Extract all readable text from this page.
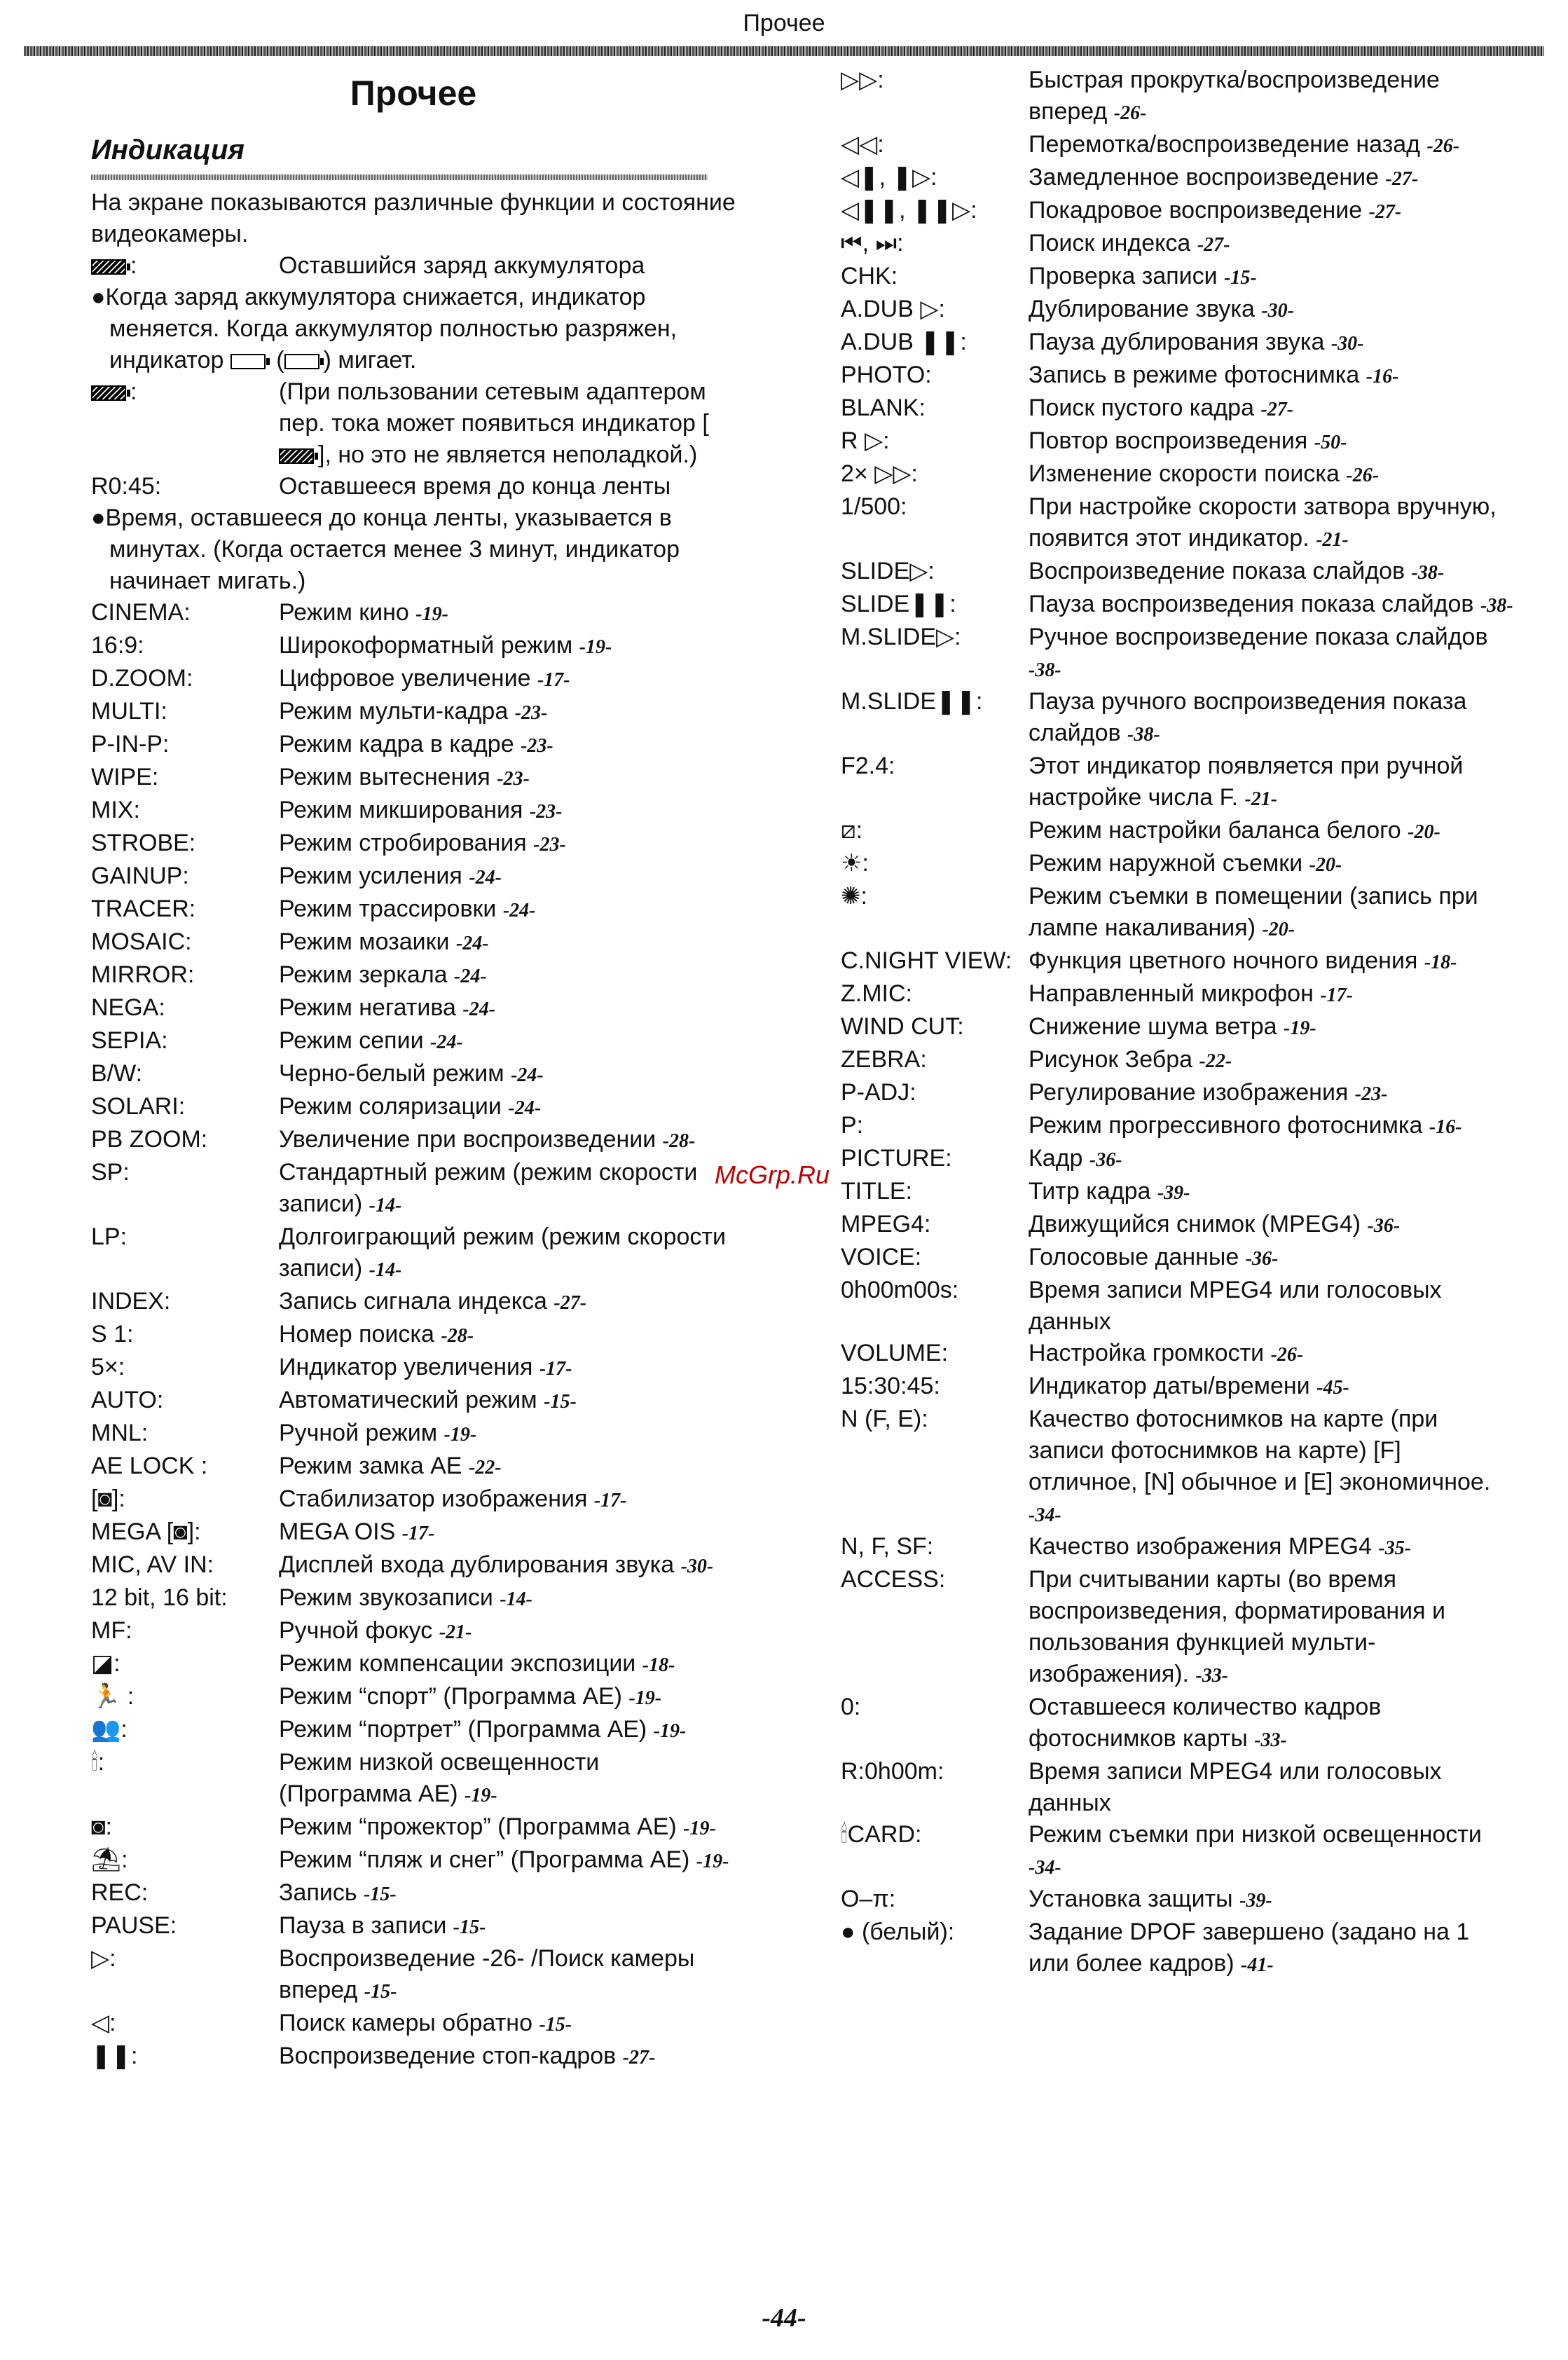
Прочее
Прочее
Индикация
На экране показываются различные функции и состояние видеокамеры.
:	Оставшийся заряд аккумулятора
●Когда заряд аккумулятора снижается, индикатор меняется. Когда аккумулятор полностью разряжен, индикатор  ( ) мигает.
:	(При пользовании сетевым адаптером пер. тока может появиться индикатор [], но это не является неполадкой.)
R0:45:	Оставшееся время до конца ленты
●Время, оставшееся до конца ленты, указывается в минутах. (Когда остается менее 3 минут, индикатор начинает мигать.)
CINEMA:	Режим кино -19-
16:9:	Широкоформатный режим -19-
D.ZOOM:	Цифровое увеличение -17-
MULTI:	Режим мульти-кадра -23-
P-IN-P:	Режим кадра в кадре -23-
WIPE:	Режим вытеснения -23-
MIX:	Режим микширования -23-
STROBE:	Режим стробирования -23-
GAINUP:	Режим усиления -24-
TRACER:	Режим трассировки -24-
MOSAIC:	Режим мозаики -24-
MIRROR:	Режим зеркала -24-
NEGA:	Режим негатива -24-
SEPIA:	Режим сепии -24-
B/W:	Черно-белый режим -24-
SOLARI:	Режим соляризации -24-
PB ZOOM:	Увеличение при воспроизведении -28-
SP:	Стандартный режим (режим скорости записи) -14-
LP:	Долгоиграющий режим (режим скорости записи) -14-
INDEX:	Запись сигнала индекса -27-
S 1:	Номер поиска -28-
5×:	Индикатор увеличения -17-
AUTO:	Автоматический режим -15-
MNL:	Ручной режим -19-
AE LOCK :	Режим замка AE -22-
[◙]:	Стабилизатор изображения -17-
MEGA [◙]:	MEGA OIS -17-
MIC, AV IN:	Дисплей входа дублирования звука -30-
12 bit, 16 bit:	Режим звукозаписи -14-
MF:	Ручной фокус -21-
◪:	Режим компенсации экспозиции -18-
🏃 :	Режим “спорт” (Программа AE) -19-
👥:	Режим “портрет” (Программа AE) -19-
🕯:	Режим низкой освещенности (Программа AE) -19-
◙:	Режим “прожектор” (Программа AE) -19-
⛱:	Режим “пляж и снег” (Программа AE) -19-
REC:	Запись -15-
PAUSE:	Пауза в записи -15-
▷:	Воспроизведение -26- /Поиск камеры вперед -15-
◁:	Поиск камеры обратно -15-
❚❚:	Воспроизведение стоп-кадров -27-
▷▷:	Быстрая прокрутка/воспроизведение вперед -26-
◁◁:	Перемотка/воспроизведение назад -26-
◁❚, ❚▷:	Замедленное воспроизведение -27-
◁❚❚, ❚❚▷:	Покадровое воспроизведение -27-
⏮, ⏭:	Поиск индекса -27-
CHK:	Проверка записи -15-
A.DUB ▷:	Дублирование звука -30-
A.DUB ❚❚:	Пауза дублирования звука -30-
PHOTO:	Запись в режиме фотоснимка -16-
BLANK:	Поиск пустого кадра -27-
R ▷:	Повтор воспроизведения -50-
2× ▷▷:	Изменение скорости поиска -26-
1/500:	При настройке скорости затвора вручную, появится этот индикатор. -21-
SLIDE▷:	Воспроизведение показа слайдов -38-
SLIDE❚❚:	Пауза воспроизведения показа слайдов -38-
M.SLIDE▷:	Ручное воспроизведение показа слайдов -38-
M.SLIDE❚❚:	Пауза ручного воспроизведения показа слайдов -38-
F2.4:	Этот индикатор появляется при ручной настройке числа F. -21-
⧄:	Режим настройки баланса белого -20-
☀:	Режим наружной съемки -20-
✺:	Режим съемки в помещении (запись при лампе накаливания) -20-
C.NIGHT VIEW: Функция цветного ночного видения -18-
Z.MIC:	Направленный микрофон -17-
WIND CUT:	Снижение шума ветра -19-
ZEBRA:	Рисунок Зебра -22-
P-ADJ:	Регулирование изображения -23-
P:	Режим прогрессивного фотоснимка -16-
PICTURE:	Кадр -36-
TITLE:	Титр кадра -39-
MPEG4:	Движущийся снимок (MPEG4) -36-
VOICE:	Голосовые данные -36-
0h00m00s:	Время записи MPEG4 или голосовых данных
VOLUME:	Настройка громкости -26-
15:30:45:	Индикатор даты/времени -45-
N (F, E):	Качество фотоснимков на карте (при записи фотоснимков на карте) [F] отличное, [N] обычное и [E] экономичное. -34-
N, F, SF:	Качество изображения MPEG4 -35-
ACCESS:	При считывании карты (во время воспроизведения, форматирования и пользования функцией мульти-изображения). -33-
0:	Оставшееся количество кадров фотоснимков карты -33-
R:0h00m:	Время записи MPEG4 или голосовых данных
🕯CARD:	Режим съемки при низкой освещенности -34-
O‒π:	Установка защиты -39-
● (белый):	Задание DPOF завершено (задано на 1 или более кадров) -41-
McGrp.Ru
-44-
